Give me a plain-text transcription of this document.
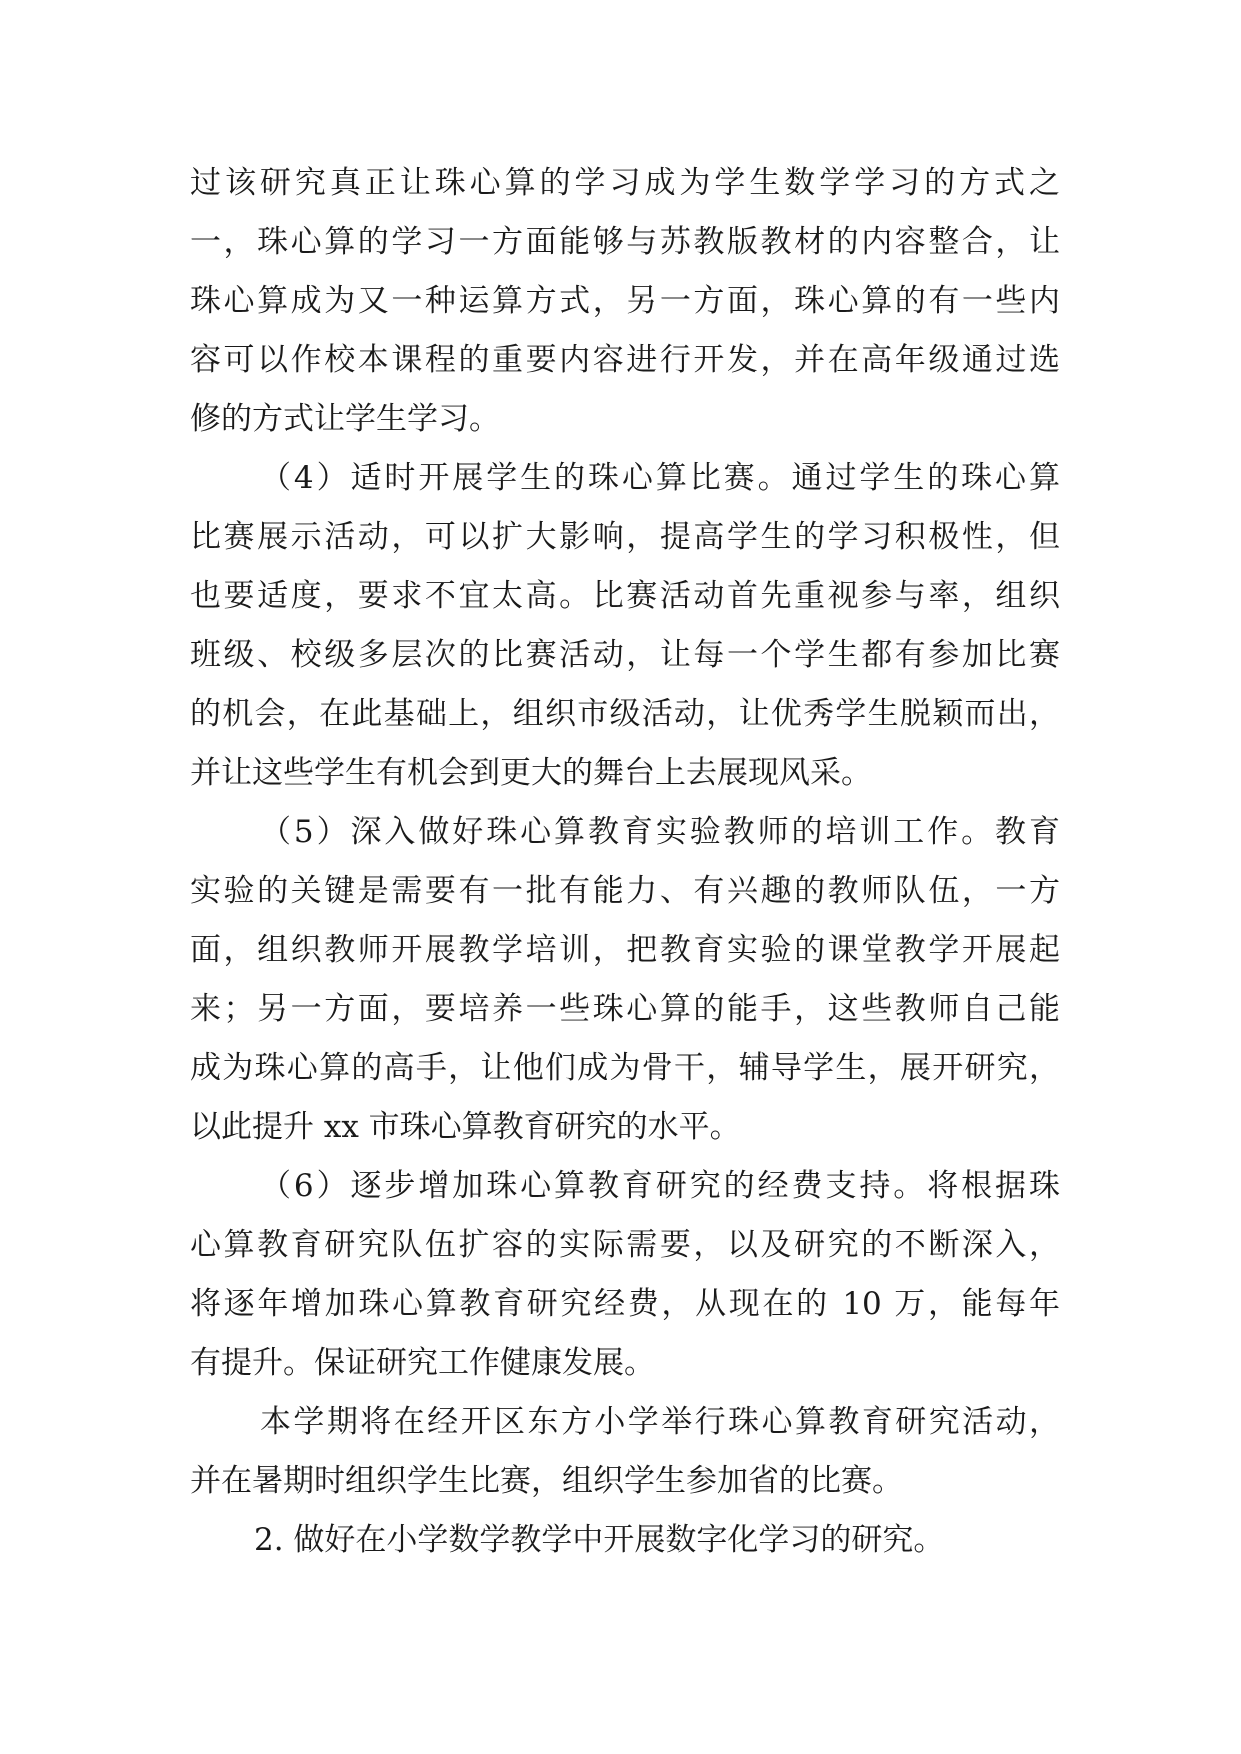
过该研究真正让珠心算的学习成为学生数学学习的方式之
一，珠心算的学习一方面能够与苏教版教材的内容整合，让
珠心算成为又一种运算方式，另一方面，珠心算的有一些内
容可以作校本课程的重要内容进行开发，并在高年级通过选
修的方式让学生学习。
（4）适时开展学生的珠心算比赛。通过学生的珠心算
比赛展示活动，可以扩大影响，提高学生的学习积极性，但
也要适度，要求不宜太高。比赛活动首先重视参与率，组织
班级、校级多层次的比赛活动，让每一个学生都有参加比赛
的机会，在此基础上，组织市级活动，让优秀学生脱颖而出，
并让这些学生有机会到更大的舞台上去展现风采。
（5）深入做好珠心算教育实验教师的培训工作。教育
实验的关键是需要有一批有能力、有兴趣的教师队伍，一方
面，组织教师开展教学培训，把教育实验的课堂教学开展起
来；另一方面，要培养一些珠心算的能手，这些教师自己能
成为珠心算的高手，让他们成为骨干，辅导学生，展开研究，
以此提升 xx 市珠心算教育研究的水平。
（6）逐步增加珠心算教育研究的经费支持。将根据珠
心算教育研究队伍扩容的实际需要，以及研究的不断深入，
将逐年增加珠心算教育研究经费，从现在的 10 万，能每年
有提升。保证研究工作健康发展。
本学期将在经开区东方小学举行珠心算教育研究活动，
并在暑期时组织学生比赛，组织学生参加省的比赛。
2. 做好在小学数学教学中开展数字化学习的研究。
